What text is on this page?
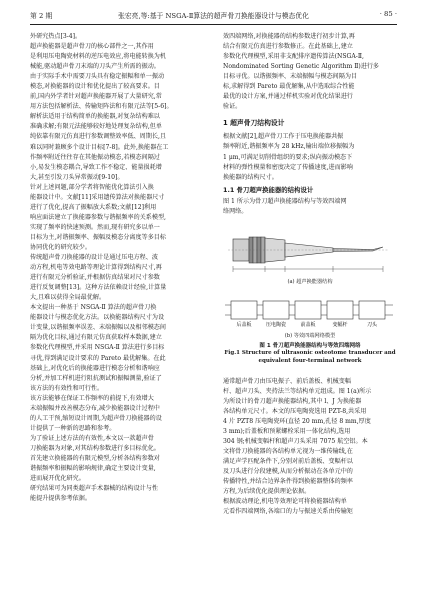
第 2 期	张宏亮,等:基于 NSGA-Ⅱ算法的超声骨刀换能器设计与模态优化	· 85 ·
外研究热点[3-4]。
超声换能器是超声骨刀的核心部件之一,其作用
是利用压电陶瓷材料的逆压电效应,将电能转换为机
械能,驱动超声骨刀末端的刀头产生所需的振动。
由于实际手术中需要刀头具有稳定振幅和单一振动
模态,对换能器的设计和优化提出了较高要求。目
前,国内外学者针对超声换能器开展了大量研究,常
用方法包括解析法、传输矩阵法和有限元法等[5-6]。
解析法适用于结构简单的换能器,对复杂结构难以
准确求解;有限元法能够较好地处理复杂结构,但单
纯依靠有限元仿真进行参数调整效率低、周期长,且
难以同时兼顾多个设计目标[7-8]。此外,换能器在工
作频率附近往往存在其他振动模态,若模态间隔过
小,易发生模态耦合,导致工作不稳定、能量损耗增
大,甚至引发刀头异常振动[9-10]。
针对上述问题,部分学者将智能优化算法引入换
能器设计中。文献[11]采用遗传算法对换能器尺寸
进行了优化,提高了振幅放大系数;文献[12]利用
响应面法建立了换能器参数与谐振频率的关系模型,
实现了频率的快速预测。然而,现有研究多以单一
目标为主,对谐振频率、振幅及模态分离度等多目标
协同优化的研究较少。
传统超声骨刀换能器的设计是通过压电方程、波
动方程,机电等效电路等理论计算得到结构尺寸,再
进行有限元分析验证,并根据仿真结果对尺寸参数
进行反复调整[13]。这种方法依赖设计经验,计算量
大,且难以获得全局最优解。
本文提出一种基于 NSGA-Ⅱ 算法的超声骨刀换
能器设计与模态优化方法。以换能器结构尺寸为设
计变量,以谐振频率误差、末端振幅以及相邻模态间
隔为优化目标,通过有限元仿真获取样本数据,建立
参数化代理模型,并采用 NSGA-Ⅱ 算法进行多目标
寻优,得到满足设计要求的 Pareto 最优解集。在此
基础上,对优化后的换能器进行模态分析和谐响应
分析,并加工样机进行阻抗测试和振幅测量,验证了
该方法的有效性和可行性。
该方法能够在保证工作频率的前提下,有效增大
末端振幅并改善模态分布,减少换能器设计过程中
的人工干预,缩短设计周期,为超声骨刀换能器的设
计提供了一种新的思路和参考。
为了验证上述方法的有效性,本文以一款超声骨
刀换能器为对象,对其结构参数进行多目标优化。
首先建立换能器的有限元模型,分析各结构参数对
谐振频率和振幅的影响规律,确定主要设计变量,
进而展开优化研究。
研究结果可为同类超声手术器械的结构设计与性
能提升提供参考依据。

效四端网络,对换能器的结构参数进行初步计算,再
结合有限元仿真进行参数修正。在此基础上,建立
参数化代理模型,采用非支配排序遗传算法(NSGA-Ⅱ,
Nondominated Sorting Genetic Algorithm Ⅱ)进行多
目标寻优。以谐振频率、末端振幅与模态间隔为目
标,求解得到 Pareto 最优解集,从中选取综合性能
最优的设计方案,并通过样机实验对优化结果进行
验证。
1 超声骨刀结构设计
根据文献[2],超声骨刀工作于压电换能器共振
频率附近,谐振频率为 28 kHz,输出端位移振幅为
1 μm,可满足切削骨组织的要求;纵向振动模态下
材料的弹性模量和密度决定了传播速度,进而影响
换能器的结构尺寸。
1.1 骨刀超声换能器的结构设计
图 1 所示为骨刀超声换能器结构与等效四端网
络网络。
后盖板	压电陶瓷	前盖板	变幅杆	刀头
(a) 超声换能器结构
(b) 等效四端网络模型
图 1 骨刀超声换能器结构与等效四端网络
Fig.1 Structure of ultrasonic osteotome transducer and
equivalent four-terminal network
通常超声骨刀由压电振子、前后盖板、机械变幅
杆、超声刀头、夹持法兰等结构单元组成。图 1(a)所示
为所设计的骨刀超声换能器结构,其中 l、J 为换能器
各结构单元尺寸。本文的压电陶瓷选用 PZT-8,共采用
4 片 PZT8 压电陶瓷环(直径 20 mm,孔径 8 mm,厚度
3 mm);后盖板和预紧螺栓采用一体化结构,选用
304 钢;机械变幅杆和超声刀头采用 7075 航空铝。本
文将骨刀换能器的各结构单元视为一维传输线,在
满足声学匹配条件下,分别对前后盖板、变幅杆以
及刀头进行分段建模,从而分析振动在各单元中的
传播特性,并结合边界条件得到换能器整体的频率
方程,为后续优化提供理论依据。
根据波动理论,机电等效理论可将换能器结构单
元看作四端网络,各端口的力与振速关系由传输矩
